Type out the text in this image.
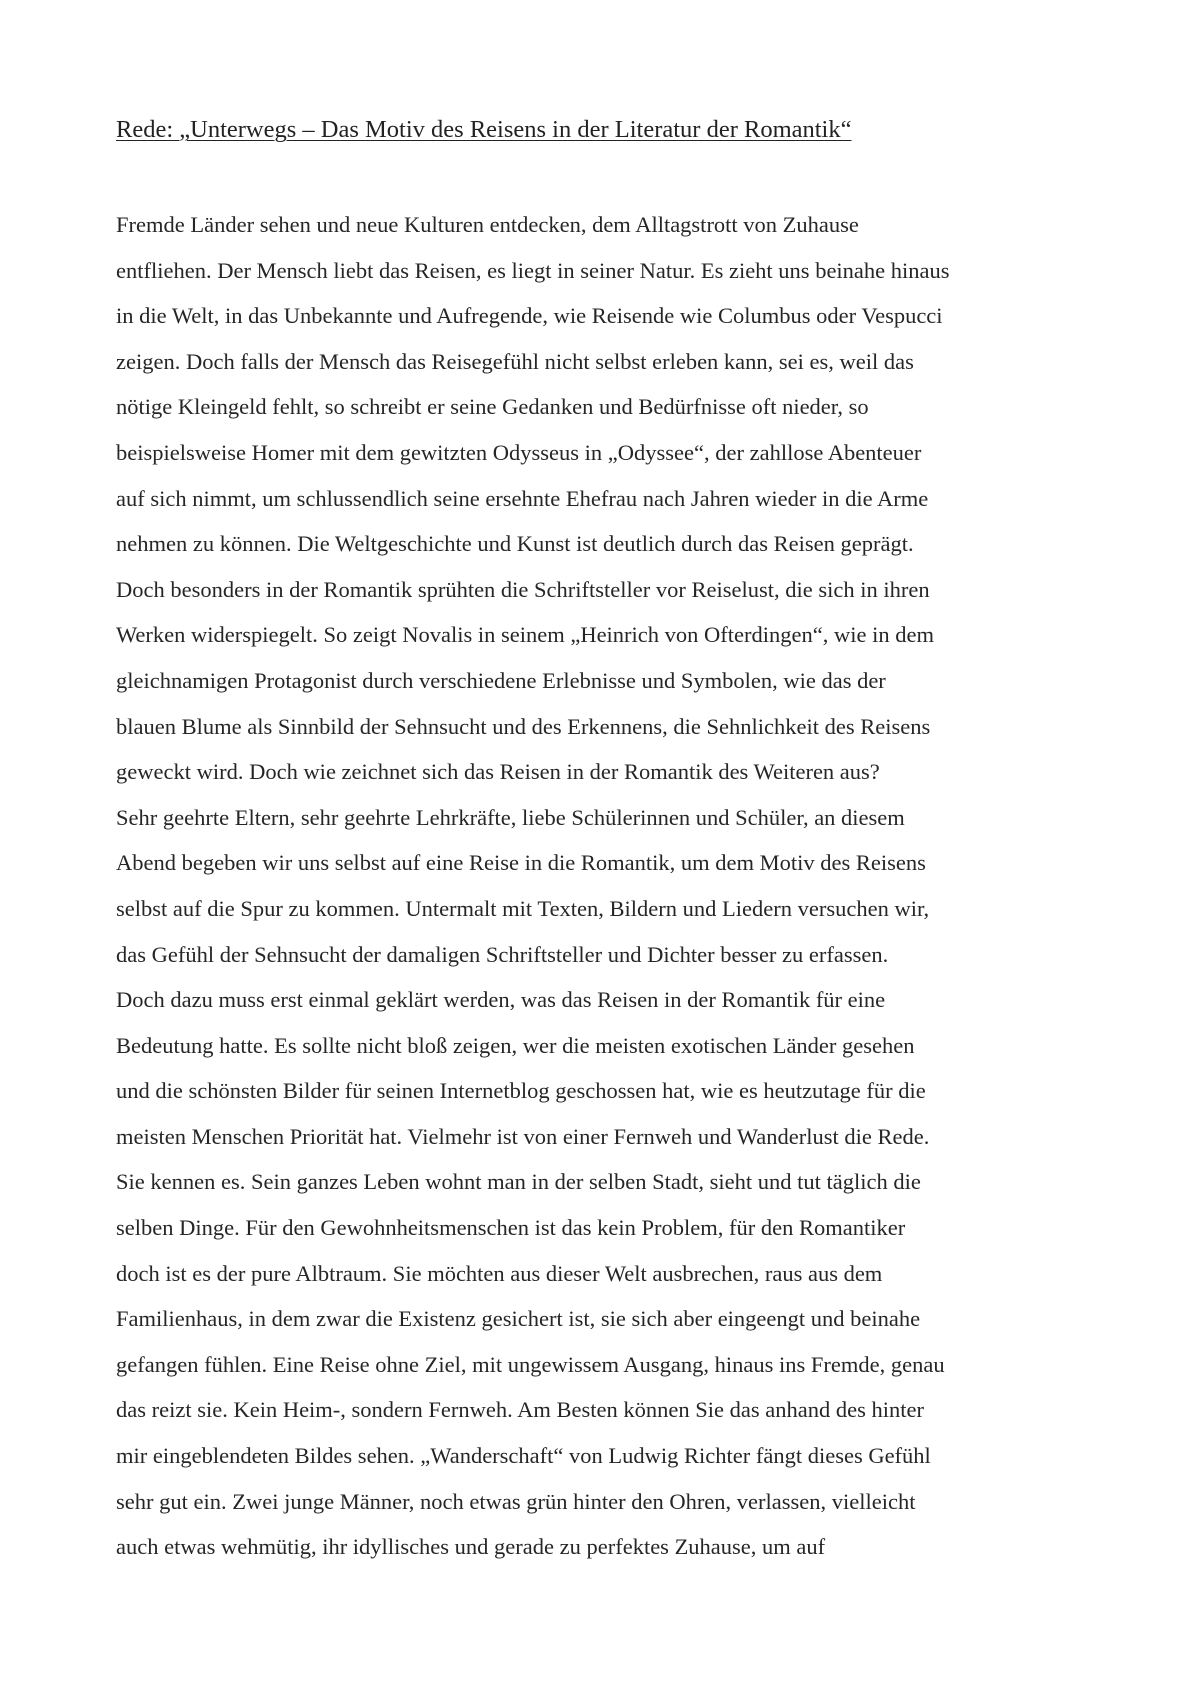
Rede: „Unterwegs – Das Motiv des Reisens in der Literatur der Romantik“
Fremde Länder sehen und neue Kulturen entdecken, dem Alltagstrott von Zuhause
entfliehen. Der Mensch liebt das Reisen, es liegt in seiner Natur. Es zieht uns beinahe hinaus
in die Welt, in das Unbekannte und Aufregende, wie Reisende wie Columbus oder Vespucci
zeigen. Doch falls der Mensch das Reisegefühl nicht selbst erleben kann, sei es, weil das
nötige Kleingeld fehlt, so schreibt er seine Gedanken und Bedürfnisse oft nieder, so
beispielsweise Homer mit dem gewitzten Odysseus in „Odyssee“, der zahllose Abenteuer
auf sich nimmt, um schlussendlich seine ersehnte Ehefrau nach Jahren wieder in die Arme
nehmen zu können. Die Weltgeschichte und Kunst ist deutlich durch das Reisen geprägt.
Doch besonders in der Romantik sprühten die Schriftsteller vor Reiselust, die sich in ihren
Werken widerspiegelt. So zeigt Novalis in seinem „Heinrich von Ofterdingen“, wie in dem
gleichnamigen Protagonist durch verschiedene Erlebnisse und Symbolen, wie das der
blauen Blume als Sinnbild der Sehnsucht und des Erkennens, die Sehnlichkeit des Reisens
geweckt wird. Doch wie zeichnet sich das Reisen in der Romantik des Weiteren aus?
Sehr geehrte Eltern, sehr geehrte Lehrkräfte, liebe Schülerinnen und Schüler, an diesem
Abend begeben wir uns selbst auf eine Reise in die Romantik, um dem Motiv des Reisens
selbst auf die Spur zu kommen. Untermalt mit Texten, Bildern und Liedern versuchen wir,
das Gefühl der Sehnsucht der damaligen Schriftsteller und Dichter besser zu erfassen.
Doch dazu muss erst einmal geklärt werden, was das Reisen in der Romantik für eine
Bedeutung hatte. Es sollte nicht bloß zeigen, wer die meisten exotischen Länder gesehen
und die schönsten Bilder für seinen Internetblog geschossen hat, wie es heutzutage für die
meisten Menschen Priorität hat. Vielmehr ist von einer Fernweh und Wanderlust die Rede.
Sie kennen es. Sein ganzes Leben wohnt man in der selben Stadt, sieht und tut täglich die
selben Dinge. Für den Gewohnheitsmenschen ist das kein Problem, für den Romantiker
doch ist es der pure Albtraum. Sie möchten aus dieser Welt ausbrechen, raus aus dem
Familienhaus, in dem zwar die Existenz gesichert ist, sie sich aber eingeengt und beinahe
gefangen fühlen. Eine Reise ohne Ziel, mit ungewissem Ausgang, hinaus ins Fremde, genau
das reizt sie. Kein Heim-, sondern Fernweh. Am Besten können Sie das anhand des hinter
mir eingeblendeten Bildes sehen. „Wanderschaft“ von Ludwig Richter fängt dieses Gefühl
sehr gut ein. Zwei junge Männer, noch etwas grün hinter den Ohren, verlassen, vielleicht
auch etwas wehmütig, ihr idyllisches und gerade zu perfektes Zuhause, um auf
